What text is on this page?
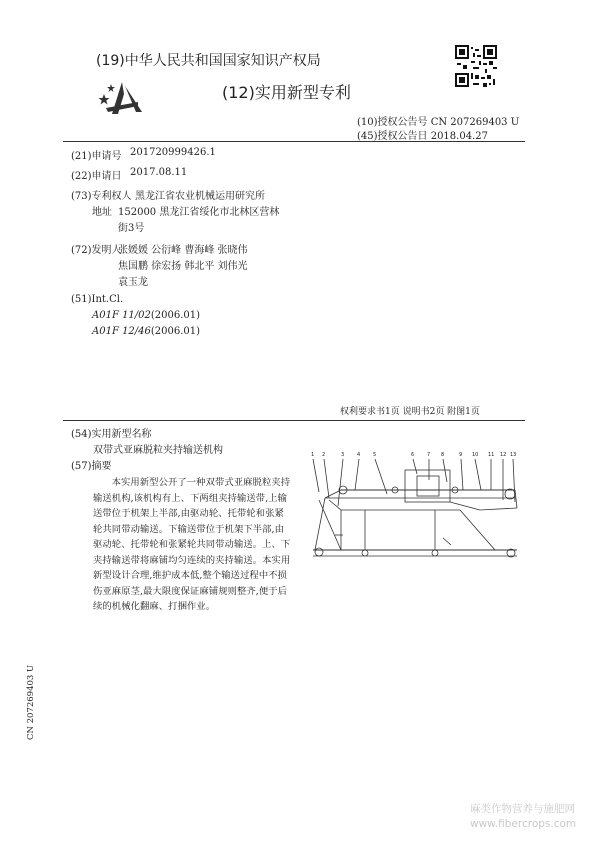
(19)中华人民共和国国家知识产权局
(12)实用新型专利
(10)授权公告号 CN 207269403 U
(45)授权公告日 2018.04.27
(21)申请号 201720999426.1
(22)申请日 2017.08.11
(73)专利权人 黑龙江省农业机械运用研究所
地址 152000 黑龙江省绥化市北林区营林
街3号
(72)发明人
张媛媛 公衍峰 曹海峰 张晓伟
焦国鹏 徐宏扬 韩北平 刘伟光
袁玉龙
(51)Int.Cl.
A01F 11/02(2006.01)
A01F 12/46(2006.01)
权利要求书1页 说明书2页 附图1页
(54)实用新型名称
双带式亚麻脱粒夹持输送机构
(57)摘要
本实用新型公开了一种双带式亚麻脱粒夹持输送机构,该机构有上、下两组夹持输送带,上输送带位于机架上半部,由驱动轮、托带轮和张紧轮共同带动输送。下输送带位于机架下半部,由驱动轮、托带轮和张紧轮共同带动输送。上、下夹持输送带将麻铺均匀连续的夹持输送。本实用新型设计合理,维护成本低,整个输送过程中不损伤亚麻原茎,最大限度保证麻铺规则整齐,便于后续的机械化翻麻、打捆作业。
1 2	3	4	5	6	7 8	9 10 11 12 13
CN 207269403 U
麻类作物营养与施肥网
www.fibercrops.com
